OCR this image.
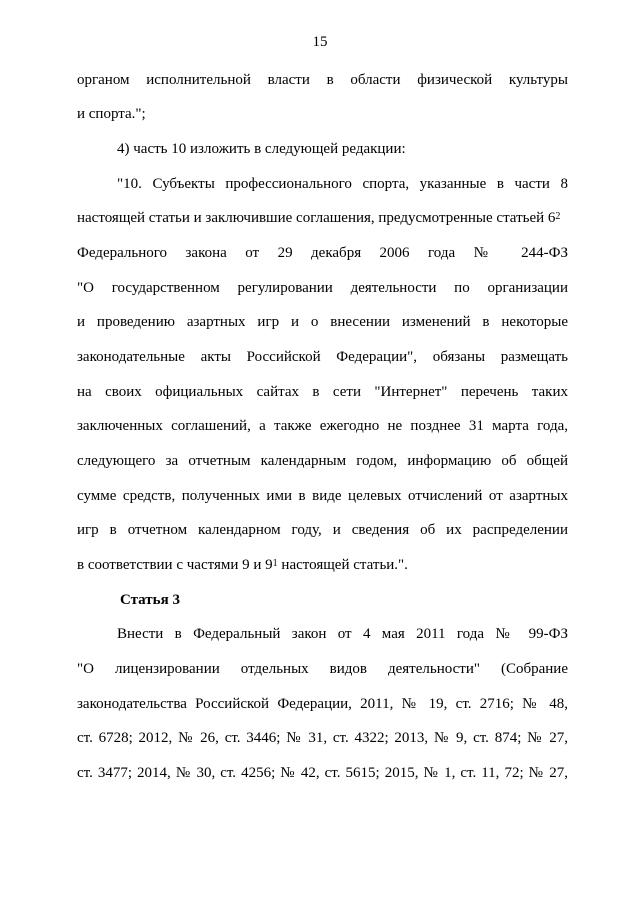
15
органом исполнительной власти в области физической культуры
и спорта.";
4) часть 10 изложить в следующей редакции:
"10. Субъекты профессионального спорта, указанные в части 8
настоящей статьи и заключившие соглашения, предусмотренные статьей $6^2$
Федерального закона от 29 декабря 2006 года № 244-ФЗ
"О государственном регулировании деятельности по организации
и проведению азартных игр и о внесении изменений в некоторые
законодательные акты Российской Федерации", обязаны размещать
на своих официальных сайтах в сети "Интернет" перечень таких
заключенных соглашений, а также ежегодно не позднее 31 марта года,
следующего за отчетным календарным годом, информацию об общей
сумме средств, полученных ими в виде целевых отчислений от азартных
игр в отчетном календарном году, и сведения об их распределении
в соответствии с частями 9 и $9^1$ настоящей статьи.".
Статья 3
Внести в Федеральный закон от 4 мая 2011 года № 99-ФЗ
"О лицензировании отдельных видов деятельности" (Собрание
законодательства Российской Федерации, 2011, № 19, ст. 2716; № 48,
ст. 6728; 2012, № 26, ст. 3446; № 31, ст. 4322; 2013, № 9, ст. 874; № 27,
ст. 3477; 2014, № 30, ст. 4256; № 42, ст. 5615; 2015, № 1, ст. 11, 72; № 27,
